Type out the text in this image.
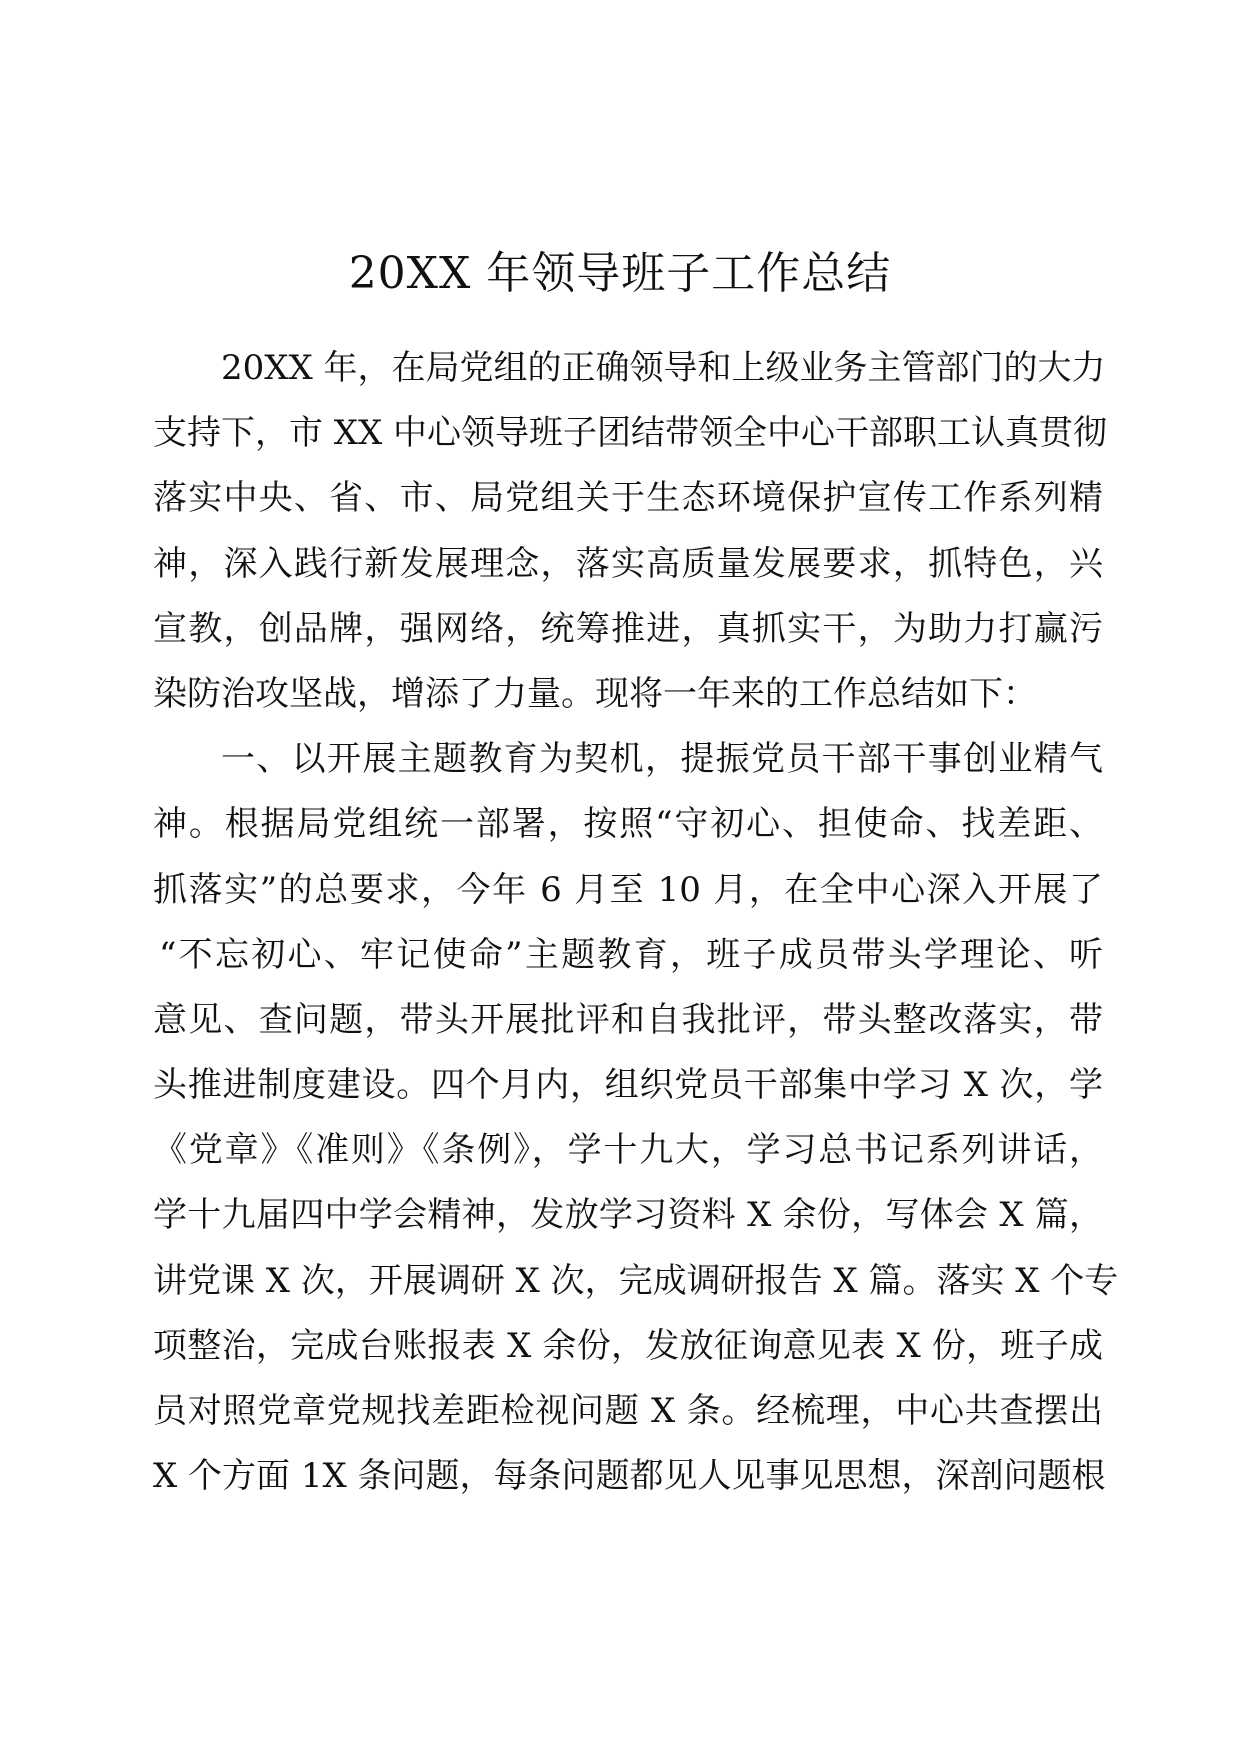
20XX 年领导班子工作总结
20XX 年，在局党组的正确领导和上级业务主管部门的大力
支持下，市 XX 中心领导班子团结带领全中心干部职工认真贯彻
落实中央、省、市、局党组关于生态环境保护宣传工作系列精
神，深入践行新发展理念，落实高质量发展要求，抓特色，兴
宣教，创品牌，强网络，统筹推进，真抓实干，为助力打赢污
染防治攻坚战，增添了力量。现将一年来的工作总结如下：
一、以开展主题教育为契机，提振党员干部干事创业精气
神。根据局党组统一部署，按照“守初心、担使命、找差距、
抓落实”的总要求，今年 6 月至 10 月，在全中心深入开展了
“不忘初心、牢记使命”主题教育，班子成员带头学理论、听
意见、查问题，带头开展批评和自我批评，带头整改落实，带
头推进制度建设。四个月内，组织党员干部集中学习 X 次，学
《党章》《准则》《条例》，学十九大，学习总书记系列讲话，
学十九届四中学会精神，发放学习资料 X 余份，写体会 X 篇，
讲党课 X 次，开展调研 X 次，完成调研报告 X 篇。落实 X 个专
项整治，完成台账报表 X 余份，发放征询意见表 X 份，班子成
员对照党章党规找差距检视问题 X 条。经梳理，中心共查摆出
X 个方面 1X 条问题，每条问题都见人见事见思想，深剖问题根
